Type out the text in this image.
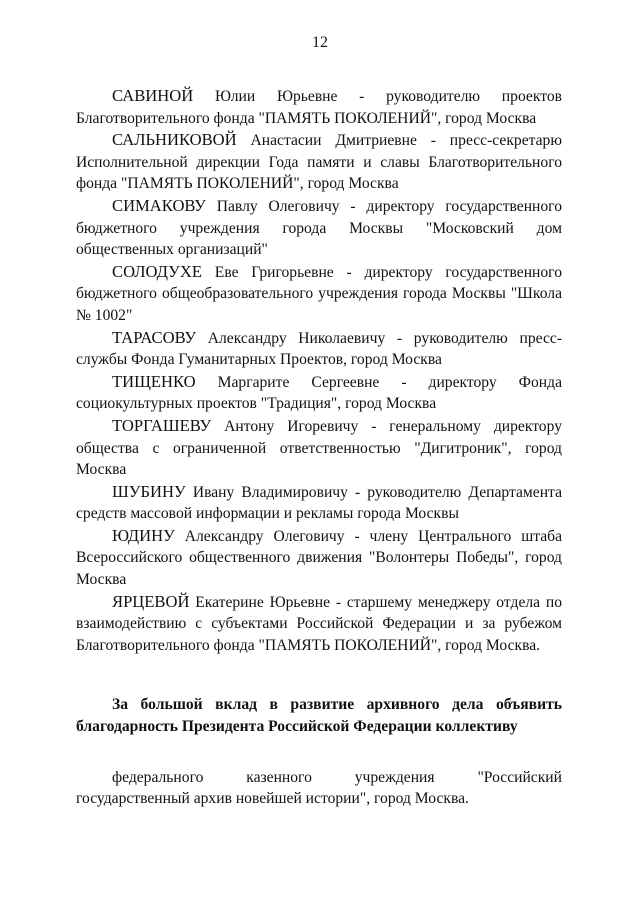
12

САВИНОЙ Юлии Юрьевне - руководителю проектов Благотворительного фонда "ПАМЯТЬ ПОКОЛЕНИЙ", город Москва

САЛЬНИКОВОЙ Анастасии Дмитриевне - пресс-секретарю Исполнительной дирекции Года памяти и славы Благотворительного фонда "ПАМЯТЬ ПОКОЛЕНИЙ", город Москва

СИМАКОВУ Павлу Олеговичу - директору государственного бюджетного учреждения города Москвы "Московский дом общественных организаций"

СОЛОДУХЕ Еве Григорьевне - директору государственного бюджетного общеобразовательного учреждения города Москвы "Школа № 1002"

ТАРАСОВУ Александру Николаевичу - руководителю пресс-службы Фонда Гуманитарных Проектов, город Москва

ТИЩЕНКО Маргарите Сергеевне - директору Фонда социокультурных проектов "Традиция", город Москва

ТОРГАШЕВУ Антону Игоревичу - генеральному директору общества с ограниченной ответственностью "Дигитроник", город Москва

ШУБИНУ Ивану Владимировичу - руководителю Департамента средств массовой информации и рекламы города Москвы

ЮДИНУ Александру Олеговичу - члену Центрального штаба Всероссийского общественного движения "Волонтеры Победы", город Москва

ЯРЦЕВОЙ Екатерине Юрьевне - старшему менеджеру отдела по взаимодействию с субъектами Российской Федерации и за рубежом Благотворительного фонда "ПАМЯТЬ ПОКОЛЕНИЙ", город Москва.

За большой вклад в развитие архивного дела объявить благодарность Президента Российской Федерации коллективу

федерального казенного учреждения "Российский государственный архив новейшей истории", город Москва.
